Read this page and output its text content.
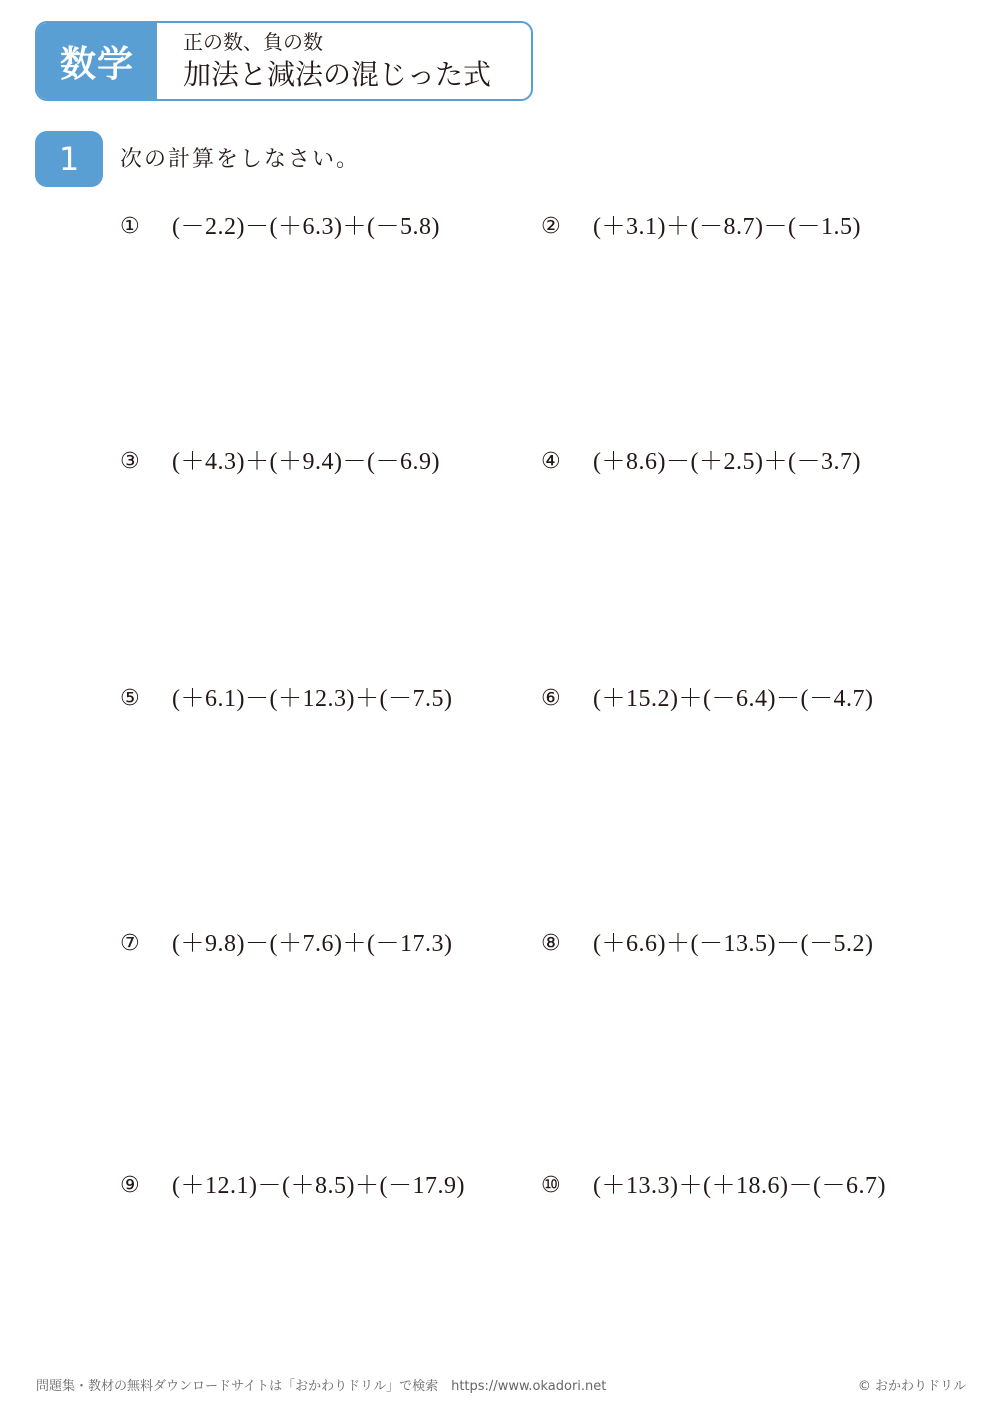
数学
正の数、負の数
加法と減法の混じった式
1	次の計算をしなさい。
① (－2.2)－(＋6.3)＋(－5.8)	② (＋3.1)＋(－8.7)－(－1.5)
③ (＋4.3)＋(＋9.4)－(－6.9)	④ (＋8.6)－(＋2.5)＋(－3.7)
⑤ (＋6.1)－(＋12.3)＋(－7.5)	⑥ (＋15.2)＋(－6.4)－(－4.7)
⑦ (＋9.8)－(＋7.6)＋(－17.3)	⑧ (＋6.6)＋(－13.5)－(－5.2)
⑨ (＋12.1)－(＋8.5)＋(－17.9)	⑩ (＋13.3)＋(＋18.6)－(－6.7)
問題集・教材の無料ダウンロードサイトは「おかわりドリル」で検索　https://www.okadori.net	© おかわりドリル
